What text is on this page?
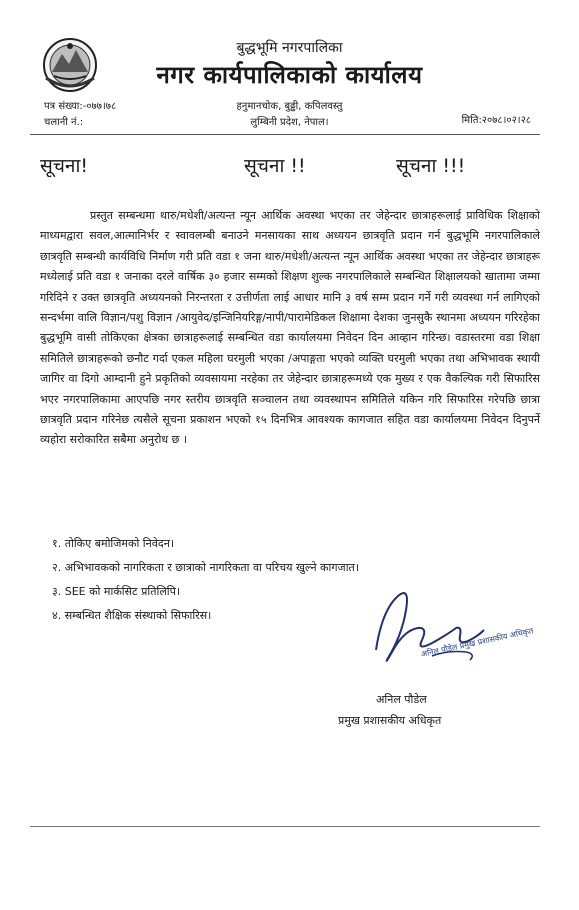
बुद्धभूमि नगरपालिका
नगर कार्यपालिकाको कार्यालय
हनुमानचोक, बुढ्ढी, कपिलवस्तु
लुम्बिनी प्रदेश, नेपाल।
पत्र संख्या:-०७७।७८
चलानी नं.:	मिति:२०७८।०२।२८
सूचना!	सूचना !!	सूचना !!!

प्रस्तुत सम्बन्धमा थारु/मधेशी/अत्यन्त न्यून आर्थिक अवस्था भएका तर जेहेन्दार छात्राहरूलाई प्राविधिक शिक्षाको माध्यमद्वारा सवल,आत्मानिर्भर र स्वावलम्बी बनाउने मनसायका साथ अध्ययन छात्रवृति प्रदान गर्न बुद्धभूमि नगरपालिकाले छात्रवृति सम्बन्धी कार्यविधि निर्माण गरी प्रति वडा १ जना थारु/मधेशी/अत्यन्त न्यून आर्थिक अवस्था भएका तर जेहेन्दार छात्राहरू मध्येलाई प्रति वडा १ जनाका दरले वार्षिक ३० हजार सम्मको शिक्षण शुल्क नगरपालिकाले सम्बन्धित शिक्षालयको खातामा जम्मा गरिदिने र उक्त छात्रवृति अध्ययनको निरन्तरता र उत्तीर्णता लाई आधार मानि ३ वर्ष सम्म प्रदान गर्ने गरी व्यवस्था गर्न लागिएको सन्दर्भमा वालि विज्ञान/पशु विज्ञान /आयुवेद/इन्जिनियरिङ्ग/नापी/पारामेडिकल शिक्षामा देशका जुनसुकै स्थानमा अध्ययन गरिरहेका बुद्धभूमि वासी तोकिएका क्षेत्रका छात्राहरूलाई सम्बन्धित वडा कार्यालयमा निवेदन दिन आव्हान गरिन्छ। वडास्तरमा वडा शिक्षा समितिले छात्राहरूको छनौट गर्दा एकल महिला घरमुली भएका /अपाङ्गता भएको व्यक्ति घरमुली भएका तथा अभिभावक स्थायी जागिर वा दिगो आम्दानी हुने प्रकृतिको व्यवसायमा नरहेका तर जेहेन्दार छात्राहरूमध्ये एक मुख्य र एक वैकल्पिक गरी सिफारिस भएर नगरपालिकामा आएपछि नगर स्तरीय छात्रवृति सञ्चालन तथा व्यवस्थापन समितिले यकिन गरि सिफारिस गरेपछि छात्रा छात्रवृति प्रदान गरिनेछ त्यसैले सूचना प्रकाशन भएको १५ दिनभित्र आवश्यक कागजात सहित वडा कार्यालयमा निवेदन दिनुपर्ने व्यहोरा सरोकारित सबैमा अनुरोध छ ।

१. तोकिए बमोजिमको निवेदन।
२. अभिभावकको नागरिकता र छात्राको नागरिकता वा परिचय खुल्ने कागजात।
३. SEE को मार्कसिट प्रतिलिपि।
४. सम्बन्धित शैक्षिक संस्थाको सिफारिस।
अनिल पौडेल प्रमुख प्रशासकीय अधिकृत
अनिल पौडेल
प्रमुख प्रशासकीय अधिकृत
